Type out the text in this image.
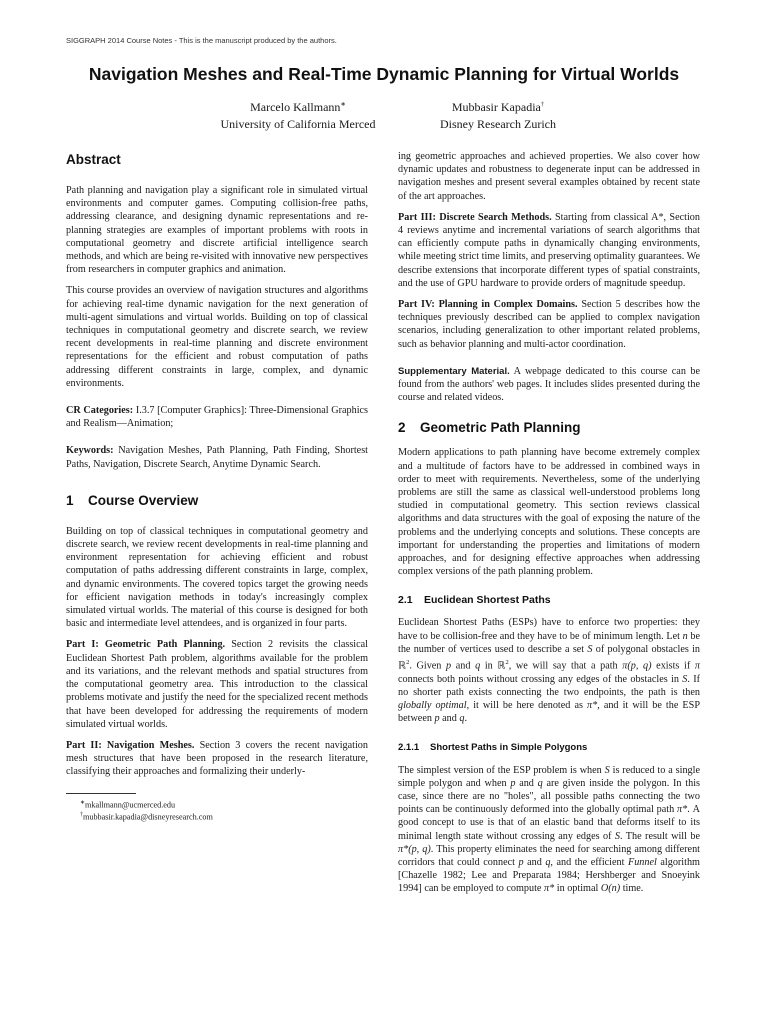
SIGGRAPH 2014 Course Notes - This is the manuscript produced by the authors.
Navigation Meshes and Real-Time Dynamic Planning for Virtual Worlds
Marcelo Kallmann∗
University of California Merced
Mubbasir Kapadia†
Disney Research Zurich
Abstract

Path planning and navigation play a significant role in simulated virtual environments and computer games. Computing collision-free paths, addressing clearance, and designing dynamic representations and re-planning strategies are examples of important problems with roots in computational geometry and discrete artificial intelligence search methods, and which are being re-visited with innovative new perspectives from researchers in computer graphics and animation.

This course provides an overview of navigation structures and algorithms for achieving real-time dynamic navigation for the next generation of multi-agent simulations and virtual worlds. Building on top of classical techniques in computational geometry and discrete search, we review recent developments in real-time planning and discrete environment representations for the efficient and robust computation of paths addressing different constraints in large, complex, and dynamic environments.

CR Categories: I.3.7 [Computer Graphics]: Three-Dimensional Graphics and Realism—Animation;

Keywords: Navigation Meshes, Path Planning, Path Finding, Shortest Paths, Navigation, Discrete Search, Anytime Dynamic Search.

1 Course Overview

Building on top of classical techniques in computational geometry and discrete search, we review recent developments in real-time planning and environment representation for achieving efficient and robust computation of paths addressing different constraints in large, complex, and dynamic environments. The covered topics target the growing needs for efficient navigation methods in today's increasingly complex simulated virtual worlds. The material of this course is designed for both basic and intermediate level attendees, and is organized in four parts.

Part I: Geometric Path Planning. Section 2 revisits the classical Euclidean Shortest Path problem, algorithms available for the problem and its variations, and the relevant methods and spatial structures from the computational geometry area. This introduction to the classical problems motivate and justify the need for the specialized recent methods that have been developed for addressing the requirements of modern simulated virtual worlds.

Part II: Navigation Meshes. Section 3 covers the recent navigation mesh structures that have been proposed in the research literature, classifying their approaches and formalizing their underly-

∗mkallmann@ucmerced.edu
†mubbasir.kapadia@disneyresearch.com

ing geometric approaches and achieved properties. We also cover how dynamic updates and robustness to degenerate input can be addressed in navigation meshes and present several examples obtained by recent state of the art approaches.

Part III: Discrete Search Methods. Starting from classical A*, Section 4 reviews anytime and incremental variations of search algorithms that can efficiently compute paths in dynamically changing environments, while meeting strict time limits, and preserving optimality guarantees. We describe extensions that incorporate different types of spatial constraints, and the use of GPU hardware to provide orders of magnitude speedup.

Part IV: Planning in Complex Domains. Section 5 describes how the techniques previously described can be applied to complex navigation scenarios, including generalization to other important related problems, such as behavior planning and multi-actor coordination.

Supplementary Material. A webpage dedicated to this course can be found from the authors' web pages. It includes slides presented during the course and related videos.

2 Geometric Path Planning

Modern applications to path planning have become extremely complex and a multitude of factors have to be addressed in combined ways in order to meet with requirements. Nevertheless, some of the underlying problems are still the same as classical well-understood problems long studied in computational geometry. This section reviews classical algorithms and data structures with the goal of exposing the nature of the problems and the underlying concepts and solutions. These concepts are important for understanding the properties and limitations of modern approaches, and for designing effective approaches when addressing complex versions of the path planning problem.

2.1 Euclidean Shortest Paths

Euclidean Shortest Paths (ESPs) have to enforce two properties: they have to be collision-free and they have to be of minimum length. Let n be the number of vertices used to describe a set S of polygonal obstacles in ℝ$^2$. Given p and q in ℝ$^2$, we will say that a path π(p, q) exists if π connects both points without crossing any edges of the obstacles in S. If no shorter path exists connecting the two endpoints, the path is then globally optimal, it will be here denoted as π*, and it will be the ESP between p and q.

2.1.1 Shortest Paths in Simple Polygons

The simplest version of the ESP problem is when S is reduced to a single simple polygon and when p and q are given inside the polygon. In this case, since there are no "holes", all possible paths connecting the two points can be continuously deformed into the globally optimal path π*. A good concept to use is that of an elastic band that deforms itself to its minimal length state without crossing any edges of S. The result will be π*(p, q). This property eliminates the need for searching among different corridors that could connect p and q, and the efficient Funnel algorithm [Chazelle 1982; Lee and Preparata 1984; Hershberger and Snoeyink 1994] can be employed to compute π* in optimal O(n) time.
